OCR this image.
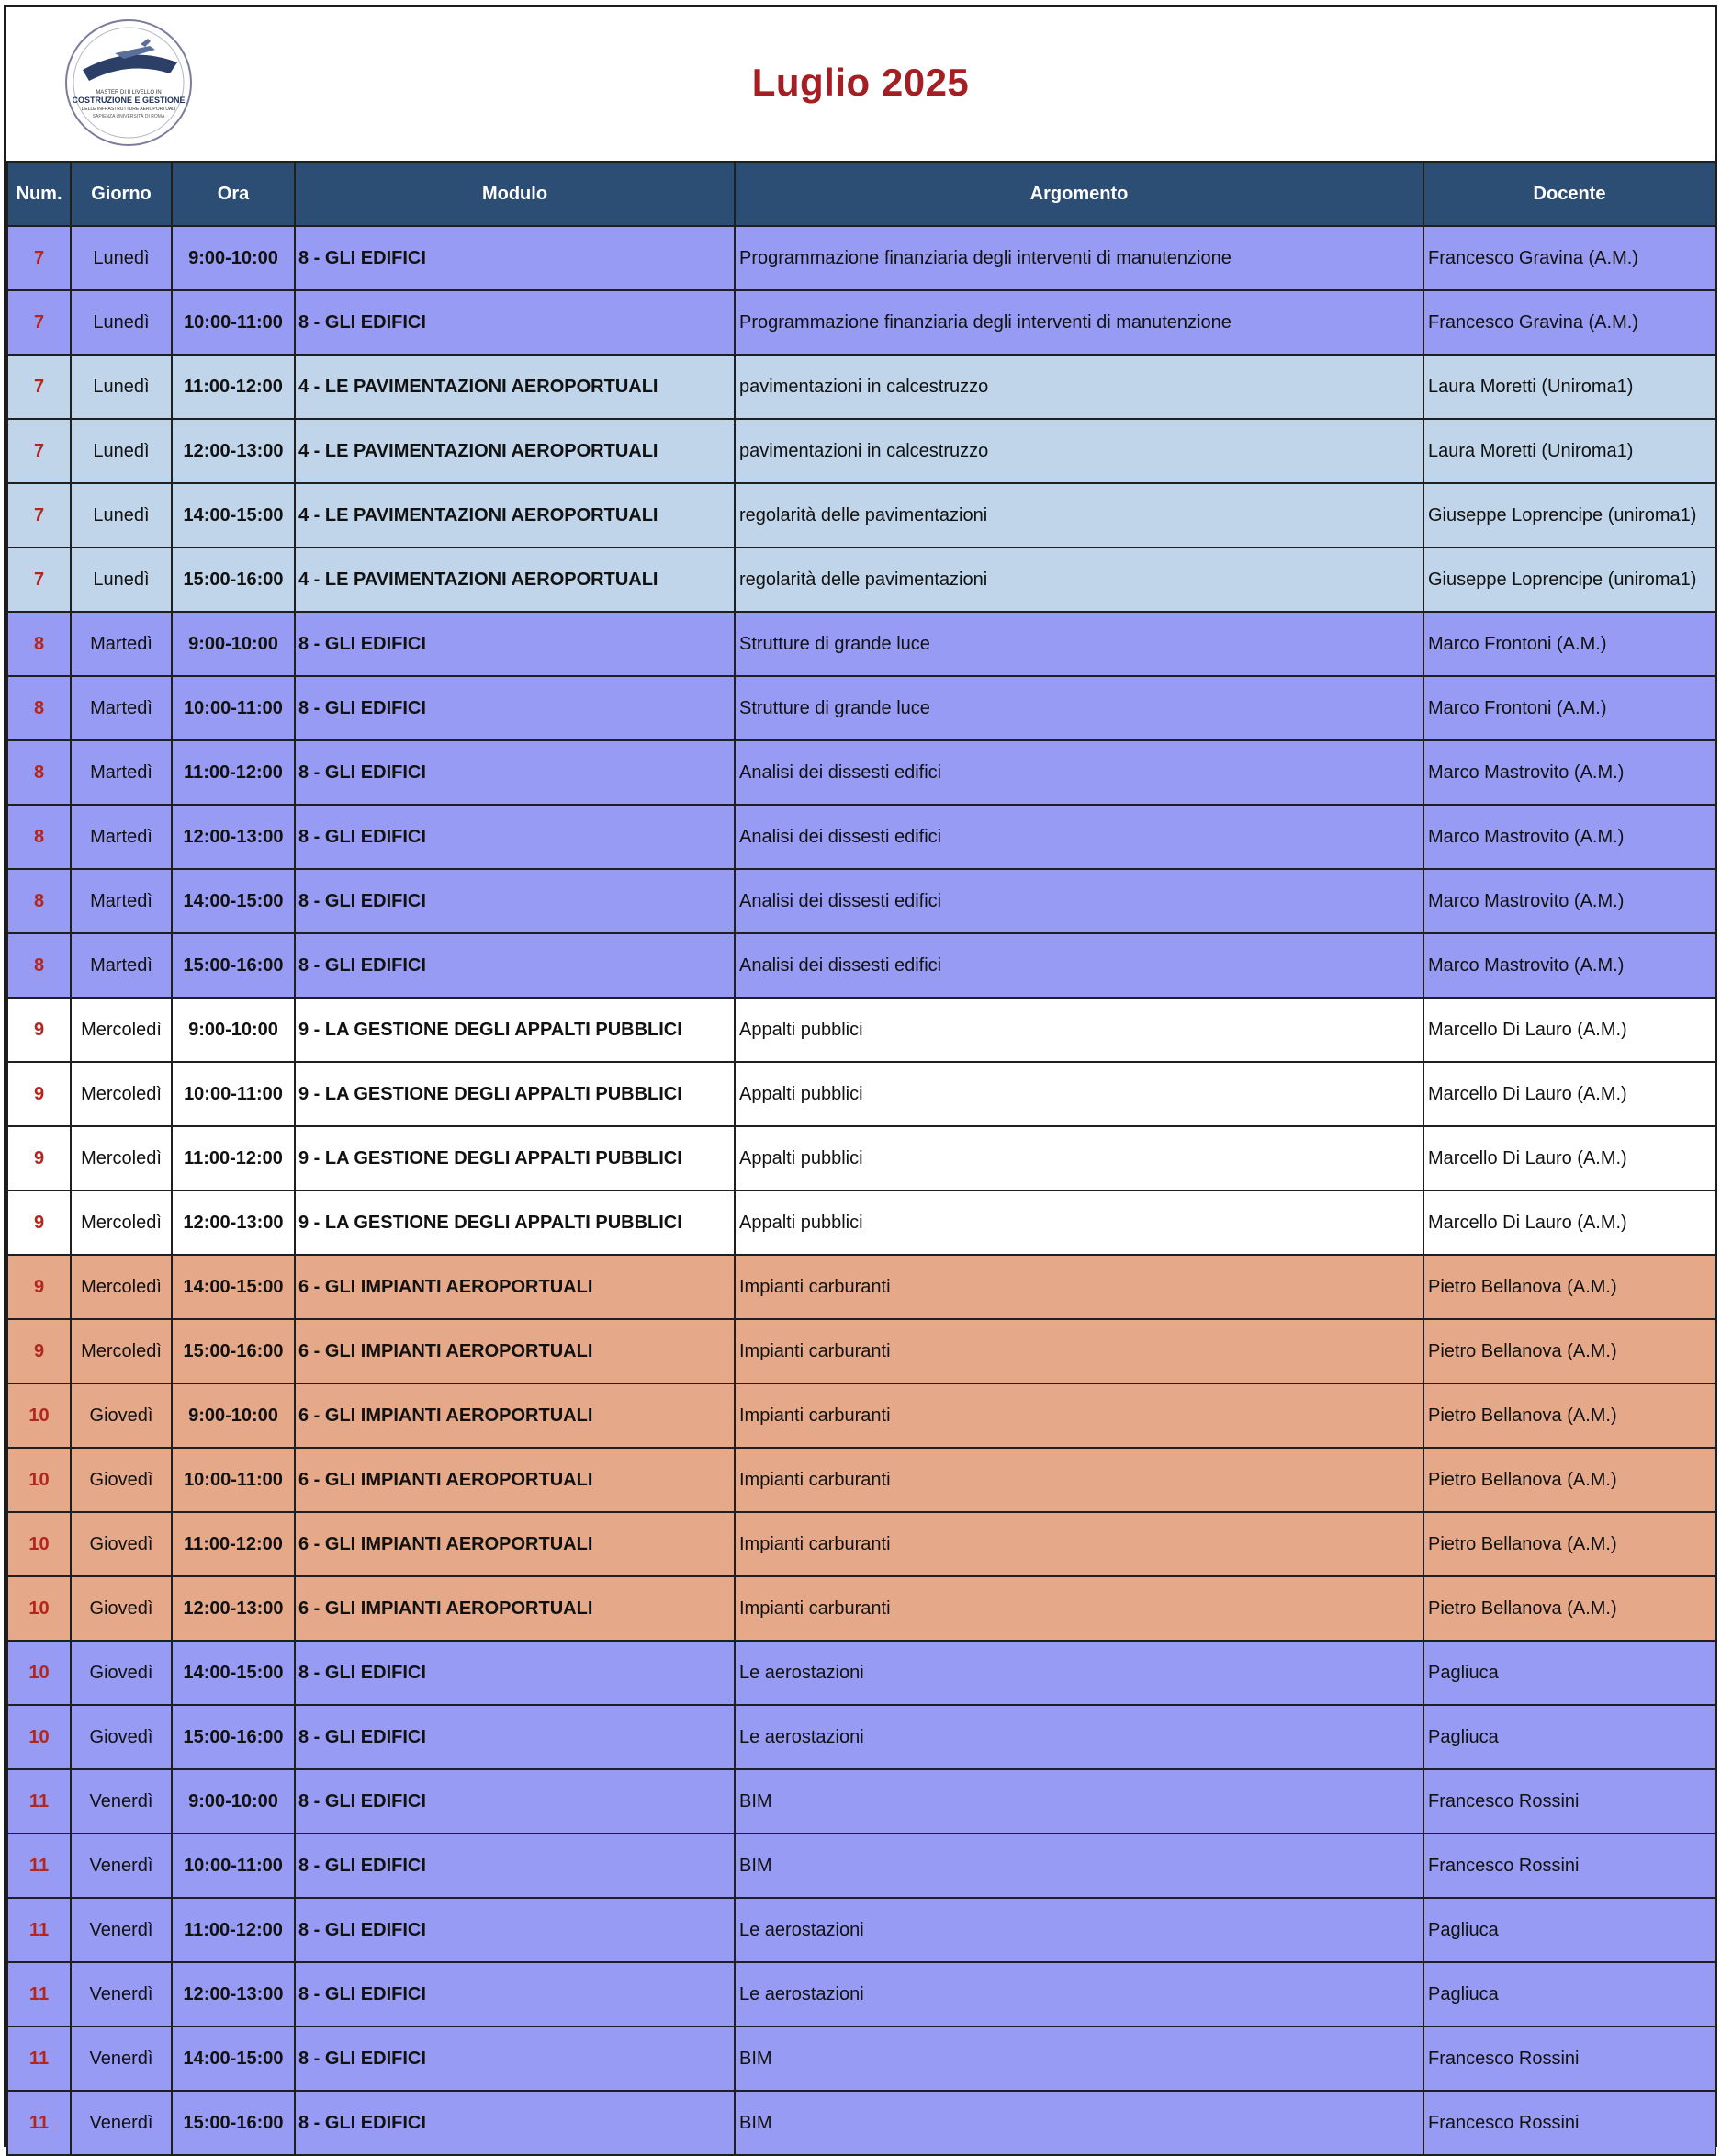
MASTER DI II LIVELLO IN
COSTRUZIONE E GESTIONE
DELLE INFRASTRUTTURE AEROPORTUALI
SAPIENZA UNIVERSITÀ DI ROMA
Luglio 2025
Num.	Giorno	Ora	Modulo	Argomento	Docente
7	Lunedì	9:00-10:00	8 - GLI EDIFICI	Programmazione finanziaria degli interventi di manutenzione	Francesco Gravina (A.M.)
7	Lunedì	10:00-11:00	8 - GLI EDIFICI	Programmazione finanziaria degli interventi di manutenzione	Francesco Gravina (A.M.)
7	Lunedì	11:00-12:00	4 - LE PAVIMENTAZIONI AEROPORTUALI	pavimentazioni in calcestruzzo	Laura Moretti (Uniroma1)
7	Lunedì	12:00-13:00	4 - LE PAVIMENTAZIONI AEROPORTUALI	pavimentazioni in calcestruzzo	Laura Moretti (Uniroma1)
7	Lunedì	14:00-15:00	4 - LE PAVIMENTAZIONI AEROPORTUALI	regolarità delle pavimentazioni	Giuseppe Loprencipe (uniroma1)
7	Lunedì	15:00-16:00	4 - LE PAVIMENTAZIONI AEROPORTUALI	regolarità delle pavimentazioni	Giuseppe Loprencipe (uniroma1)
8	Martedì	9:00-10:00	8 - GLI EDIFICI	Strutture di grande luce	Marco Frontoni (A.M.)
8	Martedì	10:00-11:00	8 - GLI EDIFICI	Strutture di grande luce	Marco Frontoni (A.M.)
8	Martedì	11:00-12:00	8 - GLI EDIFICI	Analisi dei dissesti edifici	Marco Mastrovito (A.M.)
8	Martedì	12:00-13:00	8 - GLI EDIFICI	Analisi dei dissesti edifici	Marco Mastrovito (A.M.)
8	Martedì	14:00-15:00	8 - GLI EDIFICI	Analisi dei dissesti edifici	Marco Mastrovito (A.M.)
8	Martedì	15:00-16:00	8 - GLI EDIFICI	Analisi dei dissesti edifici	Marco Mastrovito (A.M.)
9	Mercoledì	9:00-10:00	9 - LA GESTIONE DEGLI APPALTI PUBBLICI	Appalti pubblici	Marcello Di Lauro (A.M.)
9	Mercoledì	10:00-11:00	9 - LA GESTIONE DEGLI APPALTI PUBBLICI	Appalti pubblici	Marcello Di Lauro (A.M.)
9	Mercoledì	11:00-12:00	9 - LA GESTIONE DEGLI APPALTI PUBBLICI	Appalti pubblici	Marcello Di Lauro (A.M.)
9	Mercoledì	12:00-13:00	9 - LA GESTIONE DEGLI APPALTI PUBBLICI	Appalti pubblici	Marcello Di Lauro (A.M.)
9	Mercoledì	14:00-15:00	6 - GLI IMPIANTI AEROPORTUALI	Impianti carburanti	Pietro Bellanova (A.M.)
9	Mercoledì	15:00-16:00	6 - GLI IMPIANTI AEROPORTUALI	Impianti carburanti	Pietro Bellanova (A.M.)
10	Giovedì	9:00-10:00	6 - GLI IMPIANTI AEROPORTUALI	Impianti carburanti	Pietro Bellanova (A.M.)
10	Giovedì	10:00-11:00	6 - GLI IMPIANTI AEROPORTUALI	Impianti carburanti	Pietro Bellanova (A.M.)
10	Giovedì	11:00-12:00	6 - GLI IMPIANTI AEROPORTUALI	Impianti carburanti	Pietro Bellanova (A.M.)
10	Giovedì	12:00-13:00	6 - GLI IMPIANTI AEROPORTUALI	Impianti carburanti	Pietro Bellanova (A.M.)
10	Giovedì	14:00-15:00	8 - GLI EDIFICI	Le aerostazioni	Pagliuca
10	Giovedì	15:00-16:00	8 - GLI EDIFICI	Le aerostazioni	Pagliuca
11	Venerdì	9:00-10:00	8 - GLI EDIFICI	BIM	Francesco Rossini
11	Venerdì	10:00-11:00	8 - GLI EDIFICI	BIM	Francesco Rossini
11	Venerdì	11:00-12:00	8 - GLI EDIFICI	Le aerostazioni	Pagliuca
11	Venerdì	12:00-13:00	8 - GLI EDIFICI	Le aerostazioni	Pagliuca
11	Venerdì	14:00-15:00	8 - GLI EDIFICI	BIM	Francesco Rossini
11	Venerdì	15:00-16:00	8 - GLI EDIFICI	BIM	Francesco Rossini
